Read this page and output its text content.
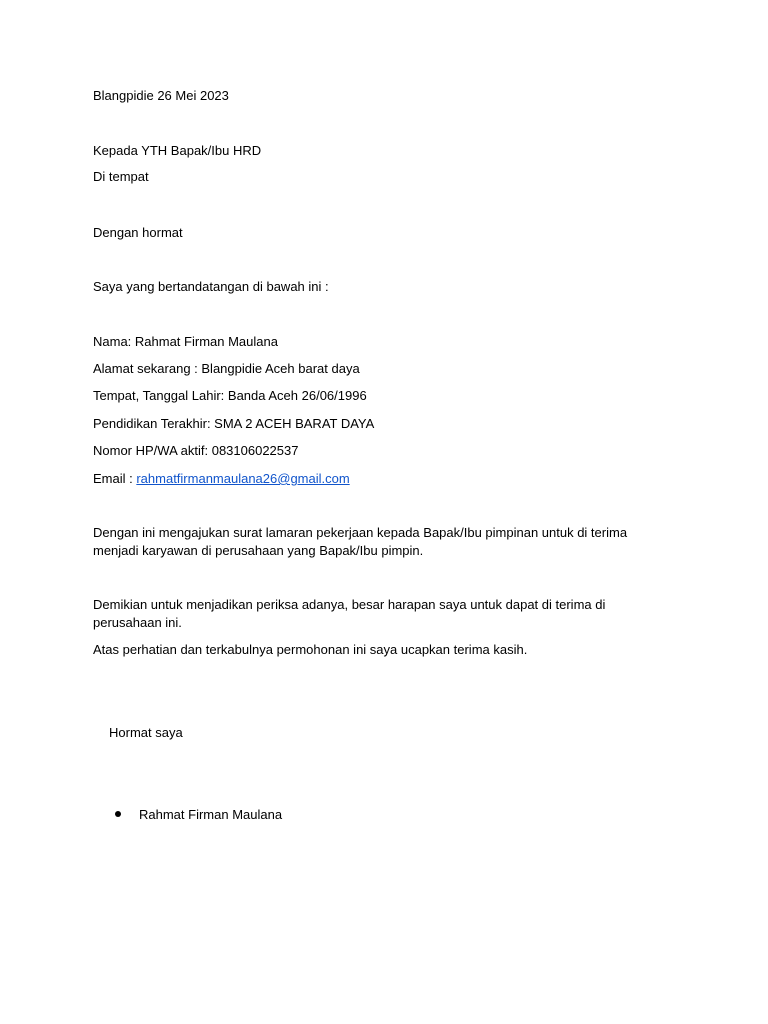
Blangpidie 26 Mei 2023
Kepada YTH Bapak/Ibu HRD
Di tempat
Dengan hormat
Saya yang bertandatangan di bawah ini :
Nama: Rahmat Firman Maulana
Alamat sekarang : Blangpidie Aceh barat daya
Tempat, Tanggal Lahir: Banda Aceh 26/06/1996
Pendidikan Terakhir: SMA 2 ACEH BARAT DAYA
Nomor HP/WA aktif: 083106022537
Email : rahmatfirmanmaulana26@gmail.com
Dengan ini mengajukan surat lamaran pekerjaan kepada Bapak/Ibu pimpinan untuk di terima menjadi karyawan di perusahaan yang Bapak/Ibu pimpin.
Demikian untuk menjadikan periksa adanya, besar harapan saya untuk dapat di terima di perusahaan ini.
Atas perhatian dan terkabulnya permohonan ini saya ucapkan terima kasih.
Hormat saya
Rahmat Firman Maulana
